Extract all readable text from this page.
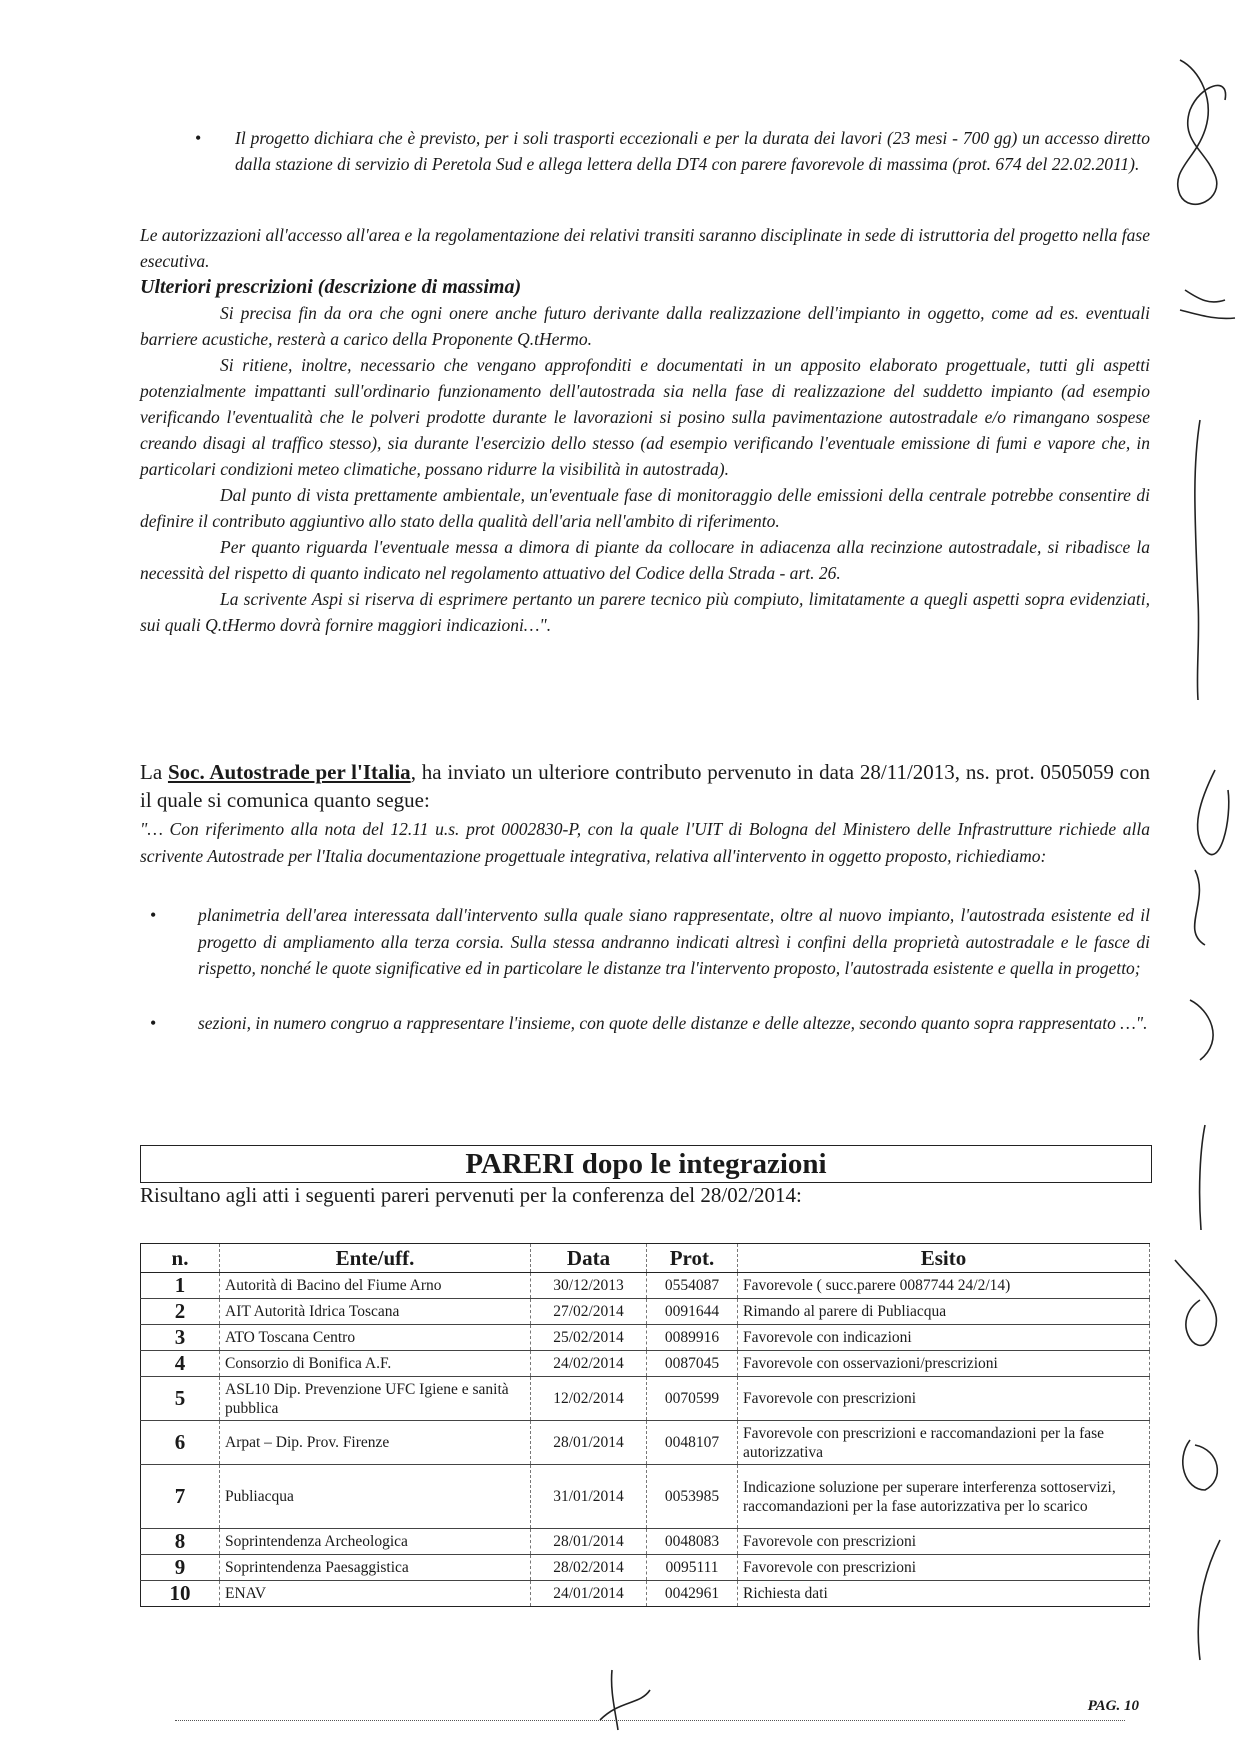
•	Il progetto dichiara che è previsto, per i soli trasporti eccezionali e per la durata dei lavori (23 mesi - 700 gg) un accesso diretto dalla stazione di servizio di Peretola Sud e allega lettera della DT4 con parere favorevole di massima (prot. 674 del 22.02.2011).

Le autorizzazioni all'accesso all'area e la regolamentazione dei relativi transiti saranno disciplinate in sede di istruttoria del progetto nella fase esecutiva.

Ulteriori prescrizioni (descrizione di massima)

Si precisa fin da ora che ogni onere anche futuro derivante dalla realizzazione dell'impianto in oggetto, come ad es. eventuali barriere acustiche, resterà a carico della Proponente Q.tHermo.

Si ritiene, inoltre, necessario che vengano approfonditi e documentati in un apposito elaborato progettuale, tutti gli aspetti potenzialmente impattanti sull'ordinario funzionamento dell'autostrada sia nella fase di realizzazione del suddetto impianto (ad esempio verificando l'eventualità che le polveri prodotte durante le lavorazioni si posino sulla pavimentazione autostradale e/o rimangano sospese creando disagi al traffico stesso), sia durante l'esercizio dello stesso (ad esempio verificando l'eventuale emissione di fumi e vapore che, in particolari condizioni meteo climatiche, possano ridurre la visibilità in autostrada).

Dal punto di vista prettamente ambientale, un'eventuale fase di monitoraggio delle emissioni della centrale potrebbe consentire di definire il contributo aggiuntivo allo stato della qualità dell'aria nell'ambito di riferimento.

Per quanto riguarda l'eventuale messa a dimora di piante da collocare in adiacenza alla recinzione autostradale, si ribadisce la necessità del rispetto di quanto indicato nel regolamento attuativo del Codice della Strada - art. 26.

La scrivente Aspi si riserva di esprimere pertanto un parere tecnico più compiuto, limitatamente a quegli aspetti sopra evidenziati, sui quali Q.tHermo dovrà fornire maggiori indicazioni…".

La Soc. Autostrade per l'Italia, ha inviato un ulteriore contributo pervenuto in data 28/11/2013, ns. prot. 0505059 con il quale si comunica quanto segue:

"… Con riferimento alla nota del 12.11 u.s. prot 0002830-P, con la quale l'UIT di Bologna del Ministero delle Infrastrutture richiede alla scrivente Autostrade per l'Italia documentazione progettuale integrativa, relativa all'intervento in oggetto proposto, richiediamo:

•	planimetria dell'area interessata dall'intervento sulla quale siano rappresentate, oltre al nuovo impianto, l'autostrada esistente ed il progetto di ampliamento alla terza corsia. Sulla stessa andranno indicati altresì i confini della proprietà autostradale e le fasce di rispetto, nonché le quote significative ed in particolare le distanze tra l'intervento proposto, l'autostrada esistente e quella in progetto;
•	sezioni, in numero congruo a rappresentare l'insieme, con quote delle distanze e delle altezze, secondo quanto sopra rappresentato …".
PARERI dopo le integrazioni
Risultano agli atti i seguenti pareri pervenuti per la conferenza del 28/02/2014:
n.	Ente/uff.	Data	Prot.	Esito
1	Autorità di Bacino del Fiume Arno	30/12/2013	0554087	Favorevole ( succ.parere 0087744 24/2/14)
2	AIT Autorità Idrica Toscana	27/02/2014	0091644	Rimando al parere di Publiacqua
3	ATO Toscana Centro	25/02/2014	0089916	Favorevole con indicazioni
4	Consorzio di Bonifica A.F.	24/02/2014	0087045	Favorevole con osservazioni/prescrizioni
5	ASL10 Dip. Prevenzione UFC Igiene e sanità pubblica	12/02/2014	0070599	Favorevole con prescrizioni
6	Arpat – Dip. Prov. Firenze	28/01/2014	0048107	Favorevole con prescrizioni e raccomandazioni per la fase autorizzativa
7	Publiacqua	31/01/2014	0053985	Indicazione soluzione per superare interferenza sottoservizi, raccomandazioni per la fase autorizzativa per lo scarico
8	Soprintendenza Archeologica	28/01/2014	0048083	Favorevole con prescrizioni
9	Soprintendenza Paesaggistica	28/02/2014	0095111	Favorevole con prescrizioni
10	ENAV	24/01/2014	0042961	Richiesta dati
PAG. 10
